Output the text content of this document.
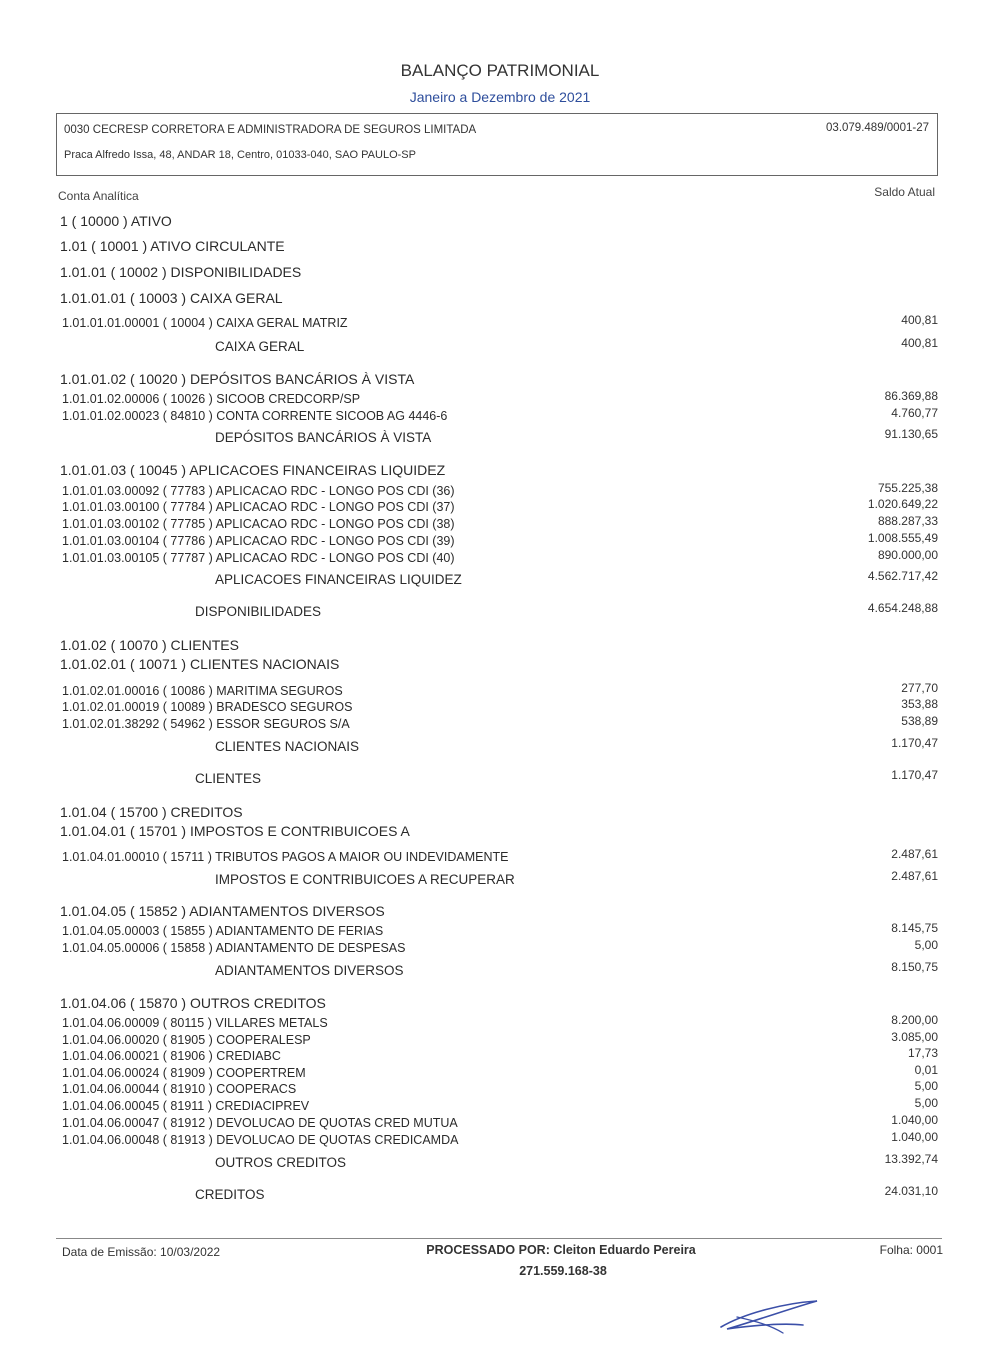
BALANÇO PATRIMONIAL
Janeiro a Dezembro de 2021
0030 CECRESP CORRETORA E ADMINISTRADORA DE SEGUROS LIMITADA	03.079.489/0001-27
Praca Alfredo Issa, 48, ANDAR 18, Centro, 01033-040, SAO PAULO-SP
Conta Analítica	Saldo Atual
1 ( 10000 ) ATIVO
1.01 ( 10001 ) ATIVO CIRCULANTE
1.01.01 ( 10002 ) DISPONIBILIDADES
1.01.01.01 ( 10003 ) CAIXA GERAL
1.01.01.01.00001 ( 10004 ) CAIXA GERAL MATRIZ	400,81
CAIXA GERAL	400,81
1.01.01.02 ( 10020 ) DEPÓSITOS BANCÁRIOS À VISTA
1.01.01.02.00006 ( 10026 ) SICOOB CREDCORP/SP	86.369,88
1.01.01.02.00023 ( 84810 ) CONTA CORRENTE SICOOB AG 4446-6	4.760,77
DEPÓSITOS BANCÁRIOS À VISTA	91.130,65
1.01.01.03 ( 10045 ) APLICACOES FINANCEIRAS LIQUIDEZ
1.01.01.03.00092 ( 77783 ) APLICACAO RDC - LONGO POS CDI (36)	755.225,38
1.01.01.03.00100 ( 77784 ) APLICACAO RDC - LONGO POS CDI (37)	1.020.649,22
1.01.01.03.00102 ( 77785 ) APLICACAO RDC - LONGO POS CDI (38)	888.287,33
1.01.01.03.00104 ( 77786 ) APLICACAO RDC - LONGO POS CDI (39)	1.008.555,49
1.01.01.03.00105 ( 77787 ) APLICACAO RDC - LONGO POS CDI (40)	890.000,00
APLICACOES FINANCEIRAS LIQUIDEZ	4.562.717,42
DISPONIBILIDADES	4.654.248,88
1.01.02 ( 10070 ) CLIENTES
1.01.02.01 ( 10071 ) CLIENTES NACIONAIS
1.01.02.01.00016 ( 10086 ) MARITIMA SEGUROS	277,70
1.01.02.01.00019 ( 10089 ) BRADESCO SEGUROS	353,88
1.01.02.01.38292 ( 54962 ) ESSOR SEGUROS S/A	538,89
CLIENTES NACIONAIS	1.170,47
CLIENTES	1.170,47
1.01.04 ( 15700 ) CREDITOS
1.01.04.01 ( 15701 ) IMPOSTOS E CONTRIBUICOES A
1.01.04.01.00010 ( 15711 ) TRIBUTOS PAGOS A MAIOR OU INDEVIDAMENTE	2.487,61
IMPOSTOS E CONTRIBUICOES A RECUPERAR	2.487,61
1.01.04.05 ( 15852 ) ADIANTAMENTOS DIVERSOS
1.01.04.05.00003 ( 15855 ) ADIANTAMENTO DE FERIAS	8.145,75
1.01.04.05.00006 ( 15858 ) ADIANTAMENTO DE DESPESAS	5,00
ADIANTAMENTOS DIVERSOS	8.150,75
1.01.04.06 ( 15870 ) OUTROS CREDITOS
1.01.04.06.00009 ( 80115 ) VILLARES METALS	8.200,00
1.01.04.06.00020 ( 81905 ) COOPERALESP	3.085,00
1.01.04.06.00021 ( 81906 ) CREDIABC	17,73
1.01.04.06.00024 ( 81909 ) COOPERTREM	0,01
1.01.04.06.00044 ( 81910 ) COOPERACS	5,00
1.01.04.06.00045 ( 81911 ) CREDIACIPREV	5,00
1.01.04.06.00047 ( 81912 ) DEVOLUCAO DE QUOTAS CRED MUTUA	1.040,00
1.01.04.06.00048 ( 81913 ) DEVOLUCAO DE QUOTAS CREDICAMDA	1.040,00
OUTROS CREDITOS	13.392,74
CREDITOS	24.031,10
Data de Emissão: 10/03/2022	PROCESSADO POR: Cleiton Eduardo Pereira
271.559.168-38
Folha: 0001
